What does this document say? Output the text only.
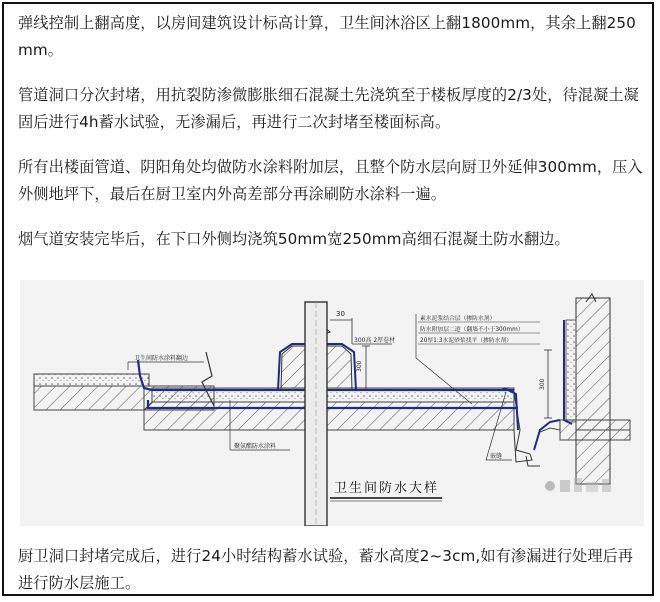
弹线控制上翻高度，以房间建筑设计标高计算，卫生间沐浴区上翻1800mm，其余上翻250mm。
管道洞口分次封堵，用抗裂防渗微膨胀细石混凝土先浇筑至于楼板厚度的2/3处，待混凝土凝固后进行4h蓄水试验，无渗漏后，再进行二次封堵至楼面标高。
所有出楼面管道、阴阳角处均做防水涂料附加层，且整个防水层向厨卫外延伸300mm，压入外侧地坪下，最后在厨卫室内外高差部分再涂刷防水涂料一遍。
烟气道安装完毕后，在下口外侧均浇筑50mm宽250mm高细石混凝土防水翻边。
30
300高 2厚卷材
300
300
素水泥浆结合层（掺防水剂）
防水附加层二道（翻墙不小于300mm）
20厚1:3水泥砂浆找平（掺防水剂）
卫生间防水涂料翻边
聚氨酯防水涂料
嵌缝
卫生间防水大样
厨卫洞口封堵完成后，进行24小时结构蓄水试验，蓄水高度2~3cm,如有渗漏进行处理后再进行防水层施工。
